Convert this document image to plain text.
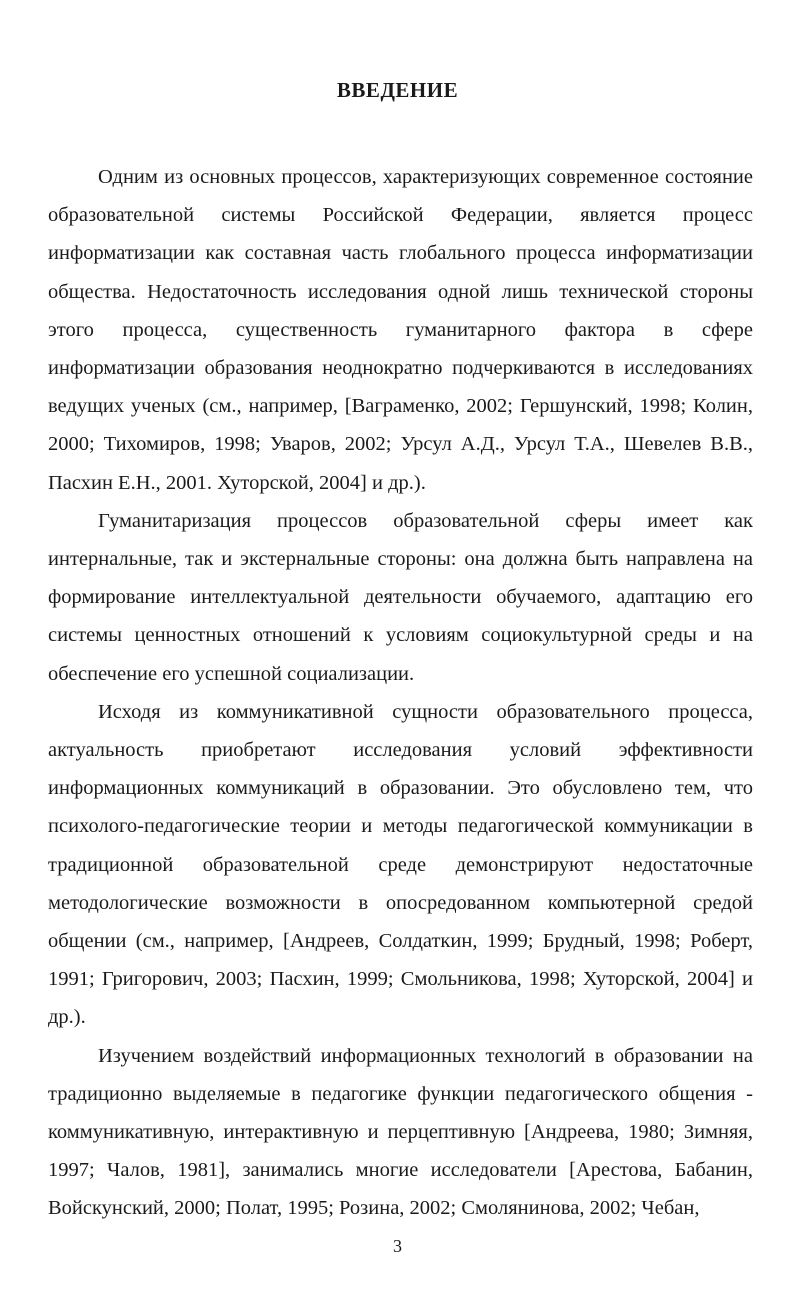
ВВЕДЕНИЕ

Одним из основных процессов, характеризующих современное состояние образовательной системы Российской Федерации, является процесс информатизации как составная часть глобального процесса информатизации общества. Недостаточность исследования одной лишь технической стороны этого процесса, существенность гуманитарного фактора в сфере информатизации образования неоднократно подчеркиваются в исследованиях ведущих ученых (см., например, [Ваграменко, 2002; Гершунский, 1998; Колин, 2000; Тихомиров, 1998; Уваров, 2002; Урсул А.Д., Урсул Т.А., Шевелев В.В., Пасхин Е.Н., 2001. Хуторской, 2004] и др.).

Гуманитаризация процессов образовательной сферы имеет как интернальные, так и экстернальные стороны: она должна быть направлена на формирование интеллектуальной деятельности обучаемого, адаптацию его системы ценностных отношений к условиям социокультурной среды и на обеспечение его успешной социализации.

Исходя из коммуникативной сущности образовательного процесса, актуальность приобретают исследования условий эффективности информационных коммуникаций в образовании. Это обусловлено тем, что психолого-педагогические теории и методы педагогической коммуникации в традиционной образовательной среде демонстрируют недостаточные методологические возможности в опосредованном компьютерной средой общении (см., например, [Андреев, Солдаткин, 1999; Брудный, 1998; Роберт, 1991; Григорович, 2003; Пасхин, 1999; Смольникова, 1998; Хуторской, 2004] и др.).

Изучением воздействий информационных технологий в образовании на традиционно выделяемые в педагогике функции педагогического общения - коммуникативную, интерактивную и перцептивную [Андреева, 1980; Зимняя, 1997; Чалов, 1981], занимались многие исследователи [Арестова, Бабанин, Войскунский, 2000; Полат, 1995; Розина, 2002; Смолянинова, 2002; Чебан,

3
